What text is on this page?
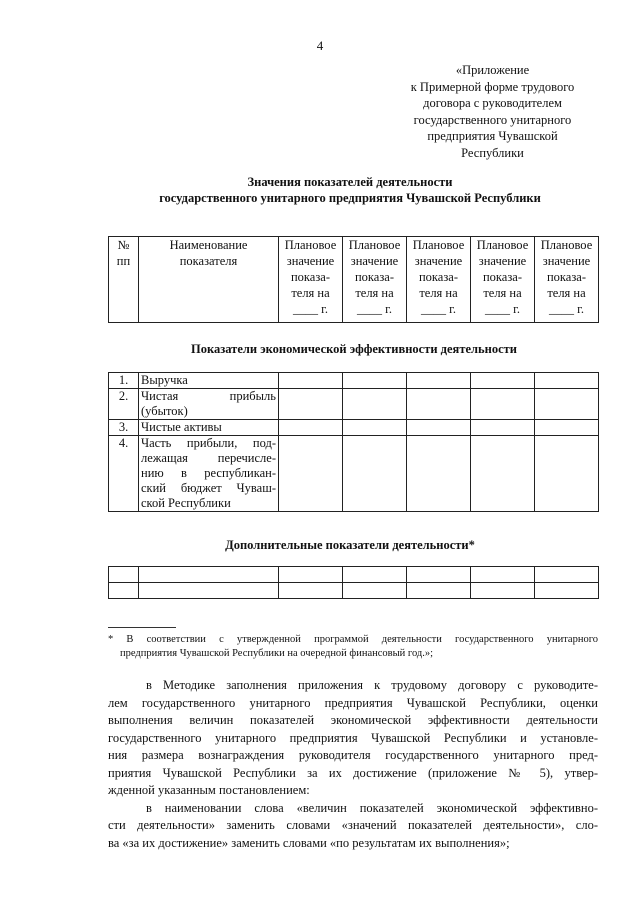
4
«Приложение
к Примерной форме трудового
договора с руководителем
государственного унитарного
предприятия Чувашской
Республики
Значения показателей деятельности
государственного унитарного предприятия Чувашской Республики
№
пп

Наименование
показателя

Плановое
значение
показа-
теля на
____ г.

Плановое
значение
показа-
теля на
____ г.

Плановое
значение
показа-
теля на
____ г.

Плановое
значение
показа-
теля на
____ г.

Плановое
значение
показа-
теля на
____ г.
Показатели экономической эффективности деятельности
1.	Выручка					

2.	Чистая прибыль
(убыток)					

3.	Чистые активы					

4.	Часть прибыли, под-
лежащая перечисле-
нию в республикан-
ский бюджет Чуваш-
ской Республики					

Дополнительные показатели деятельности*

* В соответствии с утвержденной программой деятельности государственного унитарного
предприятия Чувашской Республики на очередной финансовый год.»;

в Методике заполнения приложения к трудовому договору с руководите-
лем государственного унитарного предприятия Чувашской Республики, оценки
выполнения величин показателей экономической эффективности деятельности
государственного унитарного предприятия Чувашской Республики и установле-
ния размера вознаграждения руководителя государственного унитарного пред-
приятия Чувашской Республики за их достижение (приложение № 5), утвер-
жденной указанным постановлением:

в наименовании слова «величин показателей экономической эффективно-
сти деятельности» заменить словами «значений показателей деятельности», сло-
ва «за их достижение» заменить словами «по результатам их выполнения»;
